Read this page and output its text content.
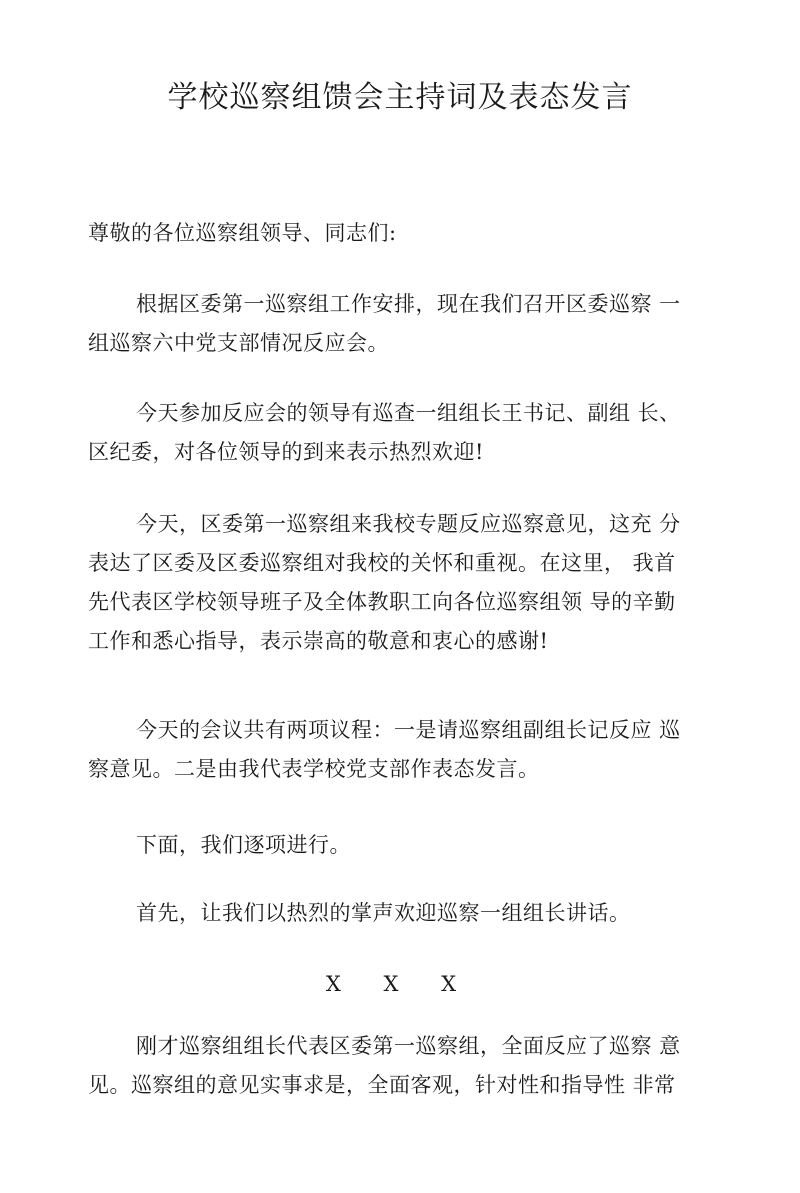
学校巡察组馈会主持词及表态发言

尊敬的各位巡察组领导、同志们:

根据区委第一巡察组工作安排，现在我们召开区委巡察 一
组巡察六中党支部情况反应会。

今天参加反应会的领导有巡查一组组长王书记、副组 长、
区纪委，对各位领导的到来表示热烈欢迎!

今天，区委第一巡察组来我校专题反应巡察意见，这充 分
表达了区委及区委巡察组对我校的关怀和重视。在这里， 我首
先代表区学校领导班子及全体教职工向各位巡察组领 导的辛勤
工作和悉心指导，表示崇高的敬意和衷心的感谢!

今天的会议共有两项议程：一是请巡察组副组长记反应 巡
察意见。二是由我代表学校党支部作表态发言。

下面，我们逐项进行。

首先，让我们以热烈的掌声欢迎巡察一组组长讲话。

X X X

刚才巡察组组长代表区委第一巡察组，全面反应了巡察 意
见。巡察组的意见实事求是，全面客观，针对性和指导性 非常
